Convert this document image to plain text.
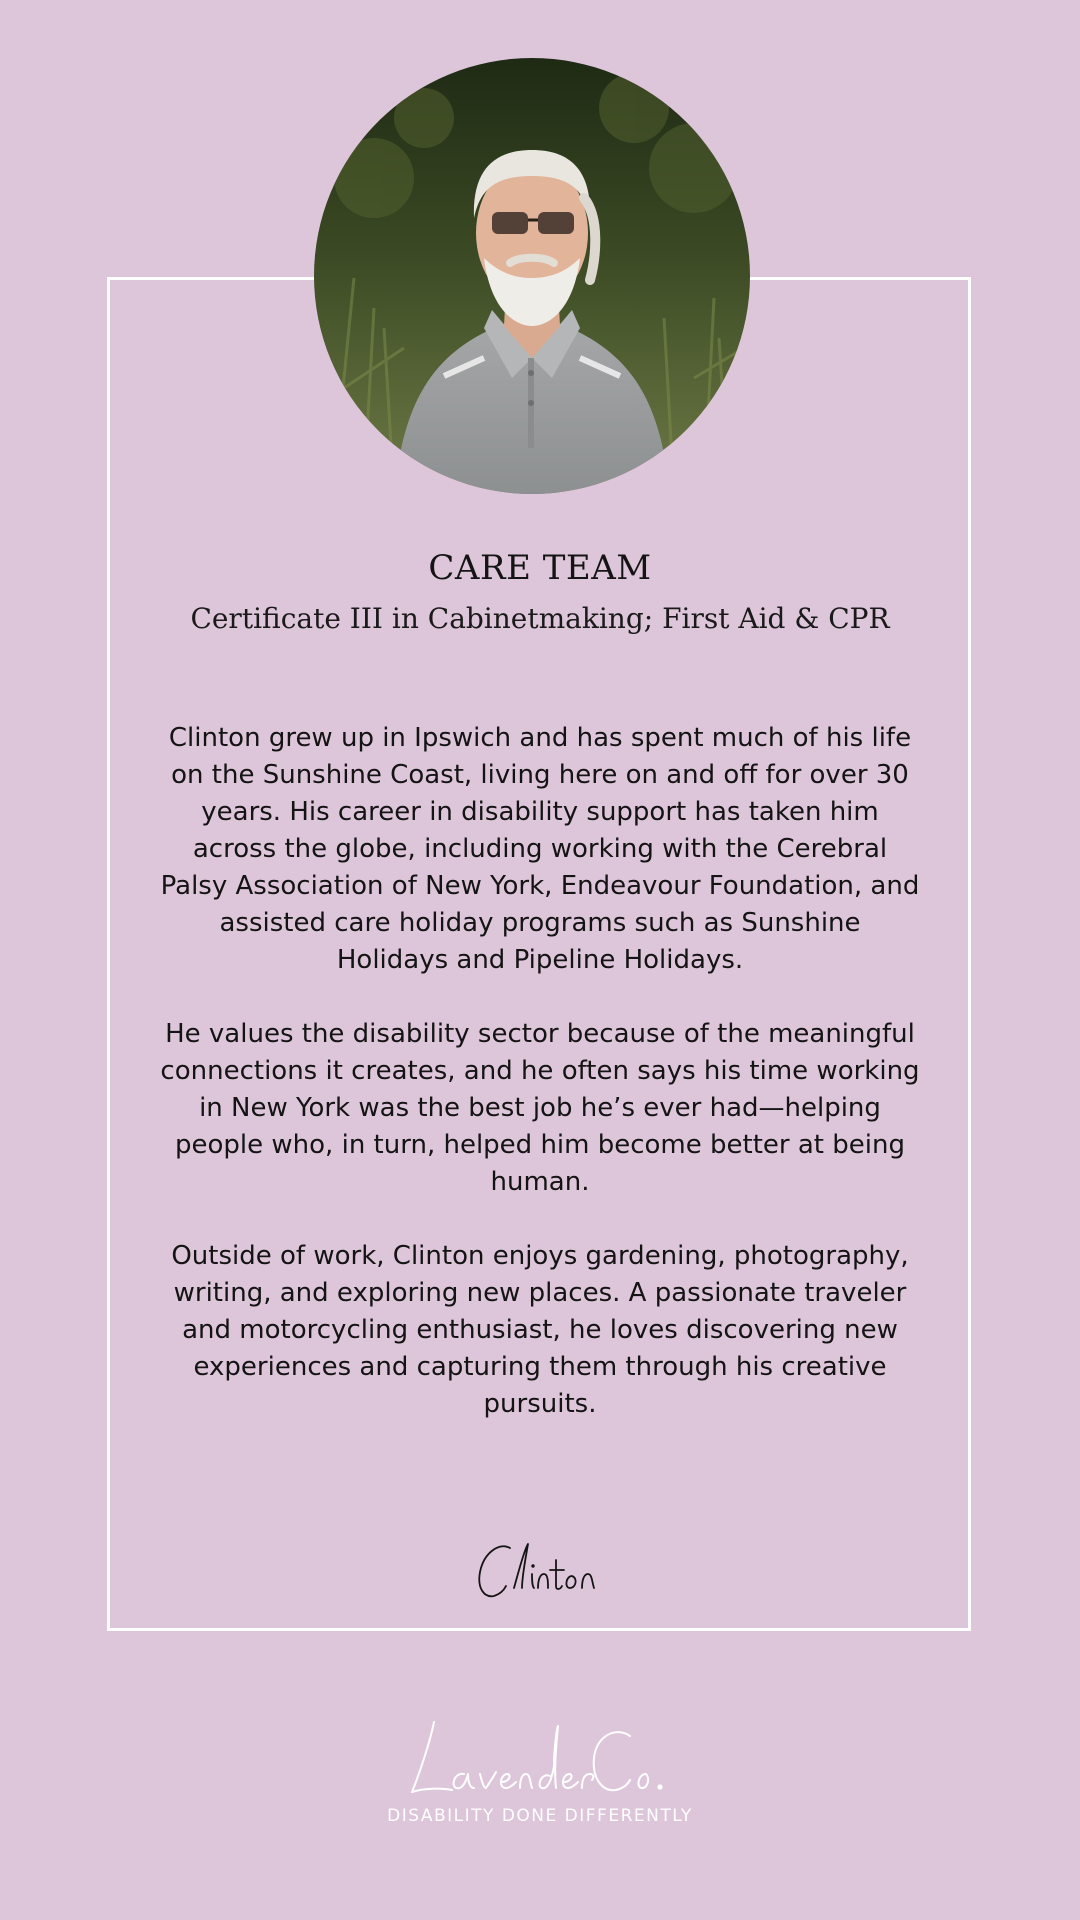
CARE TEAM
Certificate III in Cabinetmaking; First Aid & CPR

Clinton grew up in Ipswich and has spent much of his life on the Sunshine Coast, living here on and off for over 30 years. His career in disability support has taken him across the globe, including working with the Cerebral Palsy Association of New York, Endeavour Foundation, and assisted care holiday programs such as Sunshine Holidays and Pipeline Holidays.

He values the disability sector because of the meaningful connections it creates, and he often says his time working in New York was the best job he’s ever had—helping people who, in turn, helped him become better at being human.

Outside of work, Clinton enjoys gardening, photography, writing, and exploring new places. A passionate traveler and motorcycling enthusiast, he loves discovering new experiences and capturing them through his creative pursuits.

DISABILITY DONE DIFFERENTLY
